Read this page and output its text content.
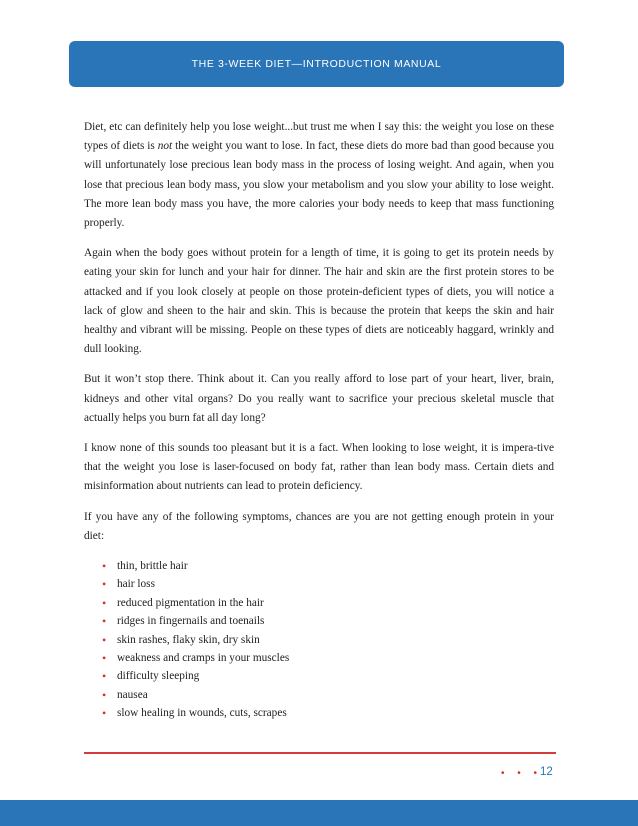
THE 3-WEEK DIET—INTRODUCTION MANUAL

Diet, etc can definitely help you lose weight...but trust me when I say this: the weight you lose on these types of diets is not the weight you want to lose. In fact, these diets do more bad than good because you will unfortunately lose precious lean body mass in the process of losing weight. And again, when you lose that precious lean body mass, you slow your metabolism and you slow your ability to lose weight. The more lean body mass you have, the more calories your body needs to keep that mass functioning properly.

Again when the body goes without protein for a length of time, it is going to get its protein needs by eating your skin for lunch and your hair for dinner. The hair and skin are the first protein stores to be attacked and if you look closely at people on those protein-deficient types of diets, you will notice a lack of glow and sheen to the hair and skin. This is because the protein that keeps the skin and hair healthy and vibrant will be missing. People on these types of diets are noticeably haggard, wrinkly and dull looking.

But it won’t stop there. Think about it. Can you really afford to lose part of your heart, liver, brain, kidneys and other vital organs? Do you really want to sacrifice your precious skeletal muscle that actually helps you burn fat all day long?

I know none of this sounds too pleasant but it is a fact. When looking to lose weight, it is impera-tive that the weight you lose is laser-focused on body fat, rather than lean body mass. Certain diets and misinformation about nutrients can lead to protein deficiency.

If you have any of the following symptoms, chances are you are not getting enough protein in your diet:

• thin, brittle hair
• hair loss
• reduced pigmentation in the hair
• ridges in fingernails and toenails
• skin rashes, flaky skin, dry skin
• weakness and cramps in your muscles
• difficulty sleeping
• nausea
• slow healing in wounds, cuts, scrapes
• • •
12
